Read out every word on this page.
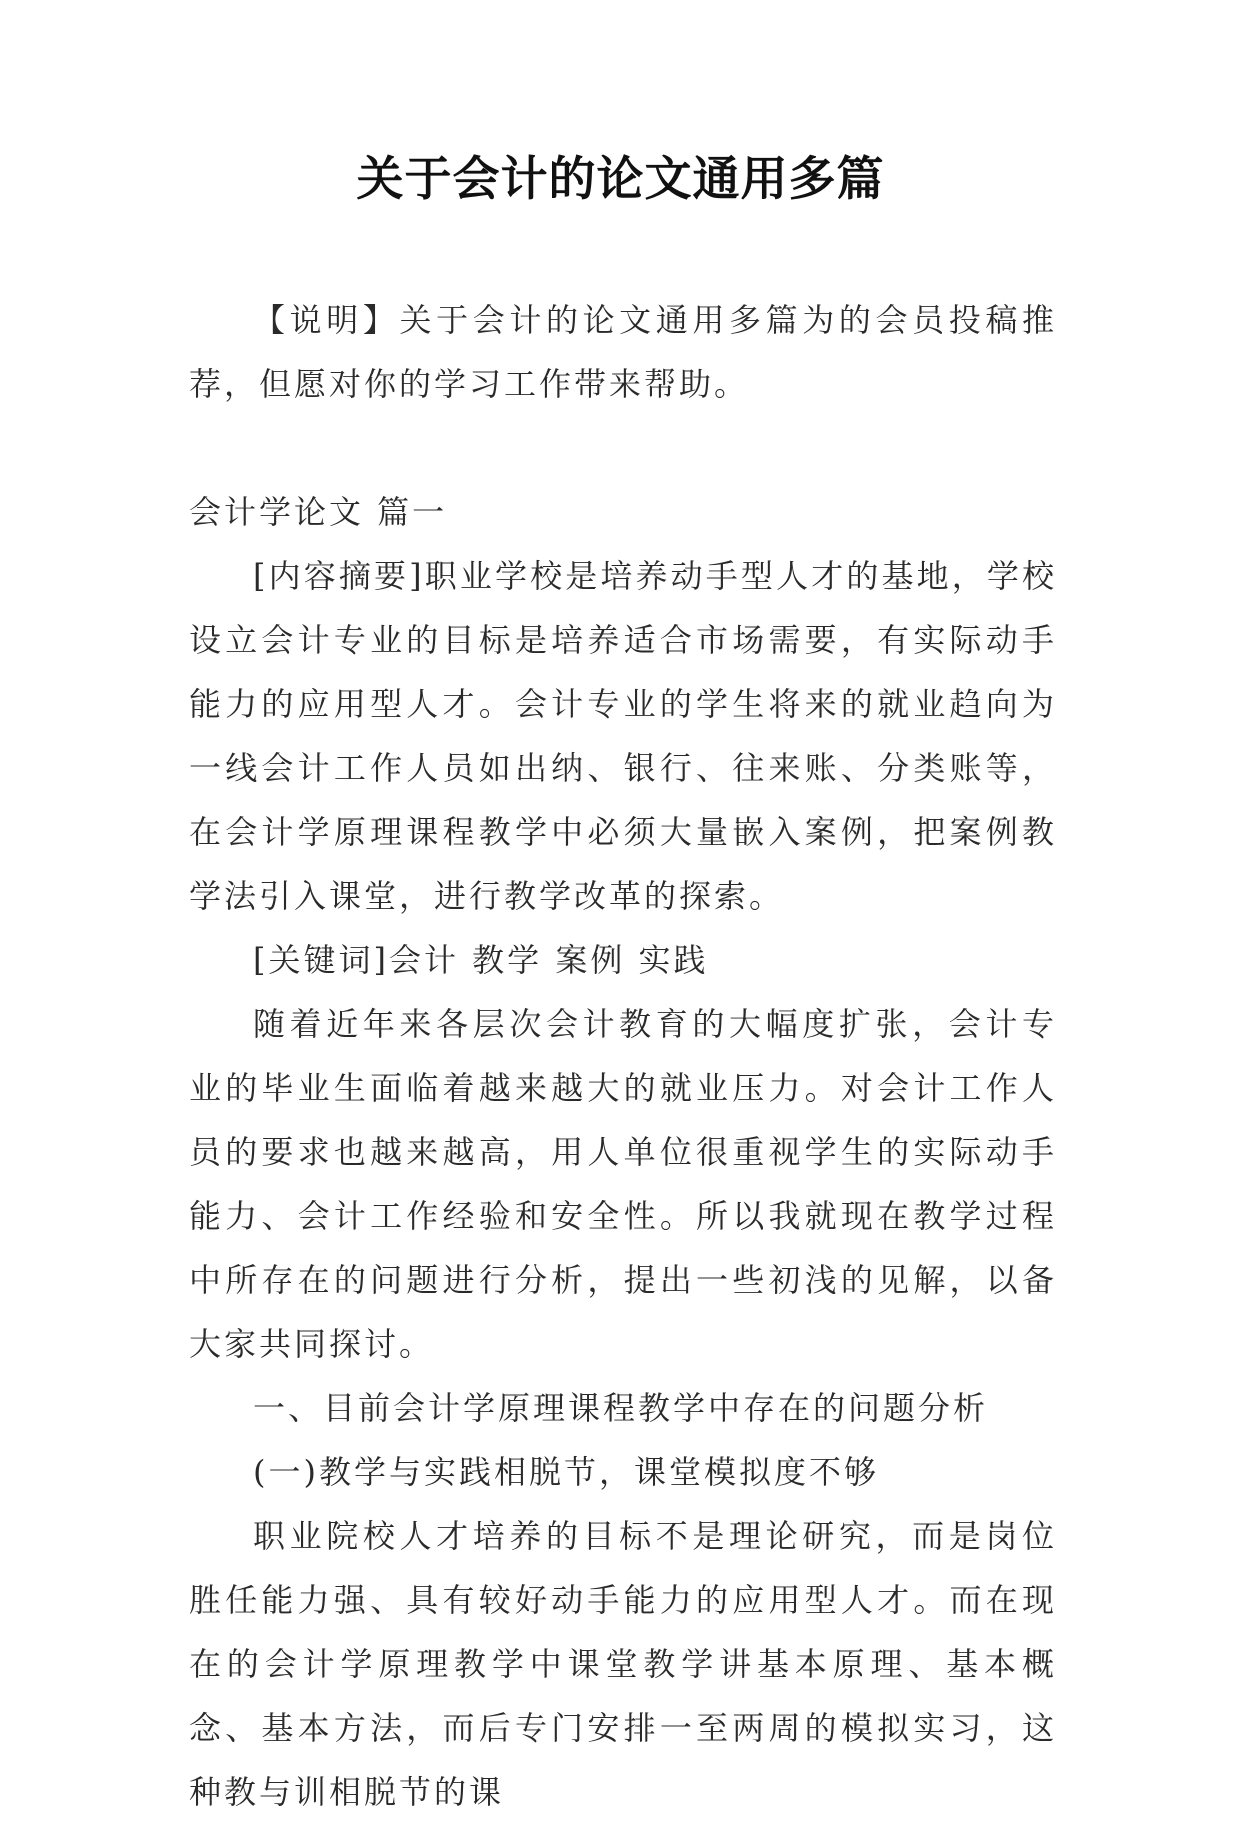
关于会计的论文通用多篇

【说明】关于会计的论文通用多篇为的会员投稿推荐，但愿对你的学习工作带来帮助。

会计学论文 篇一

[内容摘要]职业学校是培养动手型人才的基地，学校设立会计专业的目标是培养适合市场需要，有实际动手能力的应用型人才。会计专业的学生将来的就业趋向为一线会计工作人员如出纳、银行、往来账、分类账等，在会计学原理课程教学中必须大量嵌入案例，把案例教学法引入课堂，进行教学改革的探索。

[关键词]会计 教学 案例 实践

随着近年来各层次会计教育的大幅度扩张，会计专业的毕业生面临着越来越大的就业压力。对会计工作人员的要求也越来越高，用人单位很重视学生的实际动手能力、会计工作经验和安全性。所以我就现在教学过程中所存在的问题进行分析，提出一些初浅的见解，以备大家共同探讨。

一、目前会计学原理课程教学中存在的问题分析

(一)教学与实践相脱节，课堂模拟度不够

职业院校人才培养的目标不是理论研究，而是岗位胜任能力强、具有较好动手能力的应用型人才。而在现在的会计学原理教学中课堂教学讲基本原理、基本概念、基本方法，而后专门安排一至两周的模拟实习，这种教与训相脱节的课
